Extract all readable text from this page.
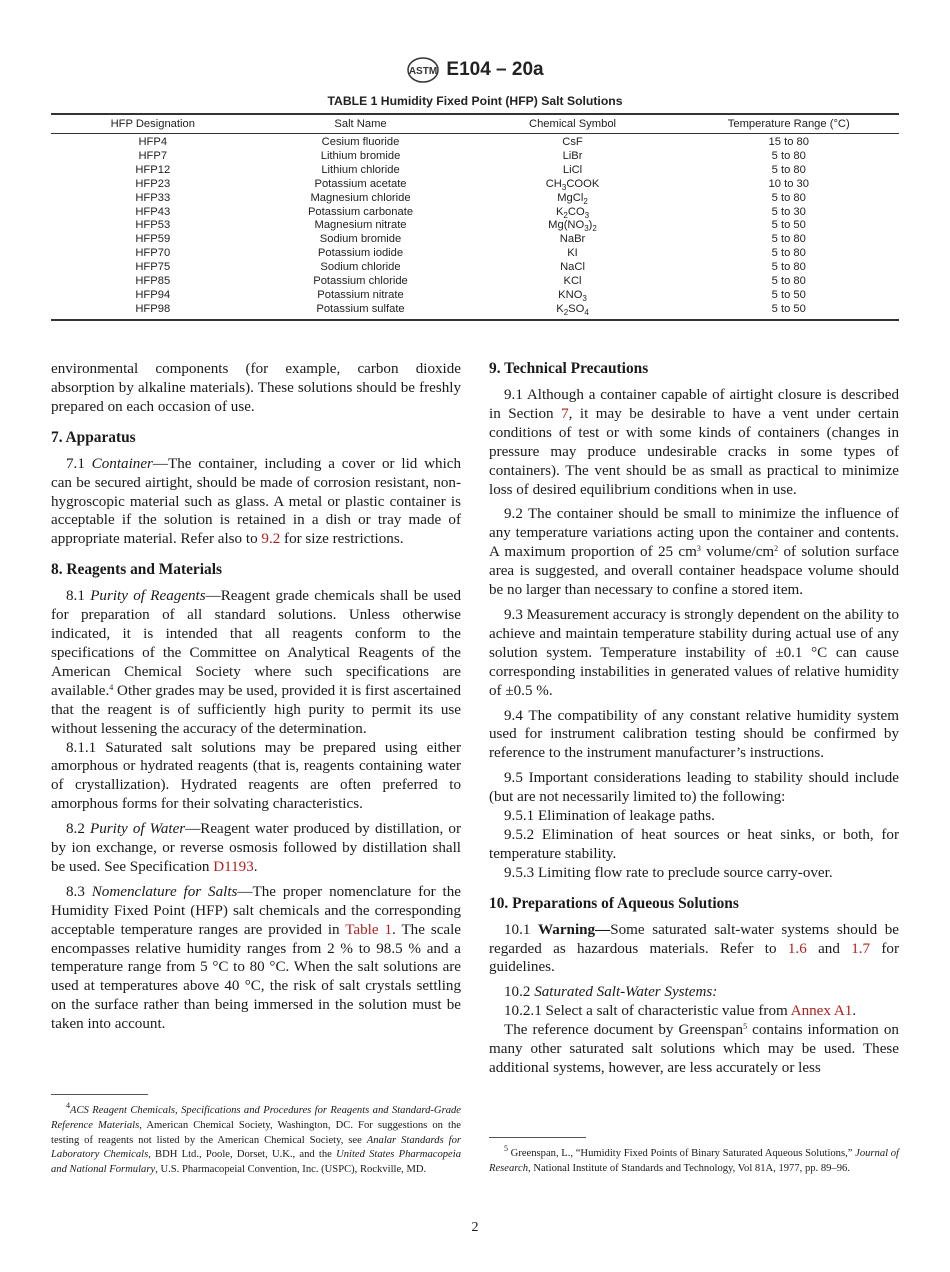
ASTM E104 – 20a
TABLE 1 Humidity Fixed Point (HFP) Salt Solutions
HFP Designation	Salt Name	Chemical Symbol	Temperature Range (°C)
HFP4	Cesium fluoride	CsF	15 to 80
HFP7	Lithium bromide	LiBr	5 to 80
HFP12	Lithium chloride	LiCl	5 to 80
HFP23	Potassium acetate	$CH_3COOK$	10 to 30
HFP33	Magnesium chloride	MgCl$_2$	5 to 80
HFP43	Potassium carbonate	$K_2CO_3$	5 to 30
HFP53	Magnesium nitrate	$Mg(NO_3)_2$	5 to 50
HFP59	Sodium bromide	NaBr	5 to 80
HFP70	Potassium iodide	KI	5 to 80
HFP75	Sodium chloride	NaCl	5 to 80
HFP85	Potassium chloride	KCl	5 to 80
HFP94	Potassium nitrate	$KNO_3$	5 to 50
HFP98	Potassium sulfate	$K_2SO_4$	5 to 50

environmental components (for example, carbon dioxide absorption by alkaline materials). These solutions should be freshly prepared on each occasion of use.

7. Apparatus

7.1 Container—The container, including a cover or lid which can be secured airtight, should be made of corrosion resistant, non-hygroscopic material such as glass. A metal or plastic container is acceptable if the solution is retained in a dish or tray made of appropriate material. Refer also to 9.2 for size restrictions.

8. Reagents and Materials

8.1 Purity of Reagents—Reagent grade chemicals shall be used for preparation of all standard solutions. Unless otherwise indicated, it is intended that all reagents conform to the specifications of the Committee on Analytical Reagents of the American Chemical Society where such specifications are available.$^4$ Other grades may be used, provided it is first ascertained that the reagent is of sufficiently high purity to permit its use without lessening the accuracy of the determination.

8.1.1 Saturated salt solutions may be prepared using either amorphous or hydrated reagents (that is, reagents containing water of crystallization). Hydrated reagents are often preferred to amorphous forms for their solvating characteristics.

8.2 Purity of Water—Reagent water produced by distillation, or by ion exchange, or reverse osmosis followed by distillation shall be used. See Specification D1193.

8.3 Nomenclature for Salts—The proper nomenclature for the Humidity Fixed Point (HFP) salt chemicals and the corresponding acceptable temperature ranges are provided in Table 1. The scale encompasses relative humidity ranges from 2 % to 98.5 % and a temperature range from 5 °C to 80 °C. When the salt solutions are used at temperatures above 40 °C, the risk of salt crystals settling on the surface rather than being immersed in the solution must be taken into account.

$^4$ACS Reagent Chemicals, Specifications and Procedures for Reagents and Standard-Grade Reference Materials, American Chemical Society, Washington, DC. For suggestions on the testing of reagents not listed by the American Chemical Society, see Analar Standards for Laboratory Chemicals, BDH Ltd., Poole, Dorset, U.K., and the United States Pharmacopeia and National Formulary, U.S. Pharmacopeial Convention, Inc. (USPC), Rockville, MD.

9. Technical Precautions

9.1 Although a container capable of airtight closure is described in Section 7, it may be desirable to have a vent under certain conditions of test or with some kinds of containers (changes in pressure may produce undesirable cracks in some types of containers). The vent should be as small as practical to minimize loss of desired equilibrium conditions when in use.

9.2 The container should be small to minimize the influence of any temperature variations acting upon the container and contents. A maximum proportion of 25 $cm^3$ volume/$cm^2$ of solution surface area is suggested, and overall container headspace volume should be no larger than necessary to confine a stored item.

9.3 Measurement accuracy is strongly dependent on the ability to achieve and maintain temperature stability during actual use of any solution system. Temperature instability of ±0.1 °C can cause corresponding instabilities in generated values of relative humidity of ±0.5 %.

9.4 The compatibility of any constant relative humidity system used for instrument calibration testing should be confirmed by reference to the instrument manufacturer’s instructions.

9.5 Important considerations leading to stability should include (but are not necessarily limited to) the following:

9.5.1 Elimination of leakage paths.

9.5.2 Elimination of heat sources or heat sinks, or both, for temperature stability.

9.5.3 Limiting flow rate to preclude source carry-over.

10. Preparations of Aqueous Solutions

10.1 Warning—Some saturated salt-water systems should be regarded as hazardous materials. Refer to 1.6 and 1.7 for guidelines.

10.2 Saturated Salt-Water Systems:

10.2.1 Select a salt of characteristic value from Annex A1.

The reference document by Greenspan$^5$ contains information on many other saturated salt solutions which may be used. These additional systems, however, are less accurately or less

$^5$ Greenspan, L., “Humidity Fixed Points of Binary Saturated Aqueous Solutions,” Journal of Research, National Institute of Standards and Technology, Vol 81A, 1977, pp. 89–96.

2
